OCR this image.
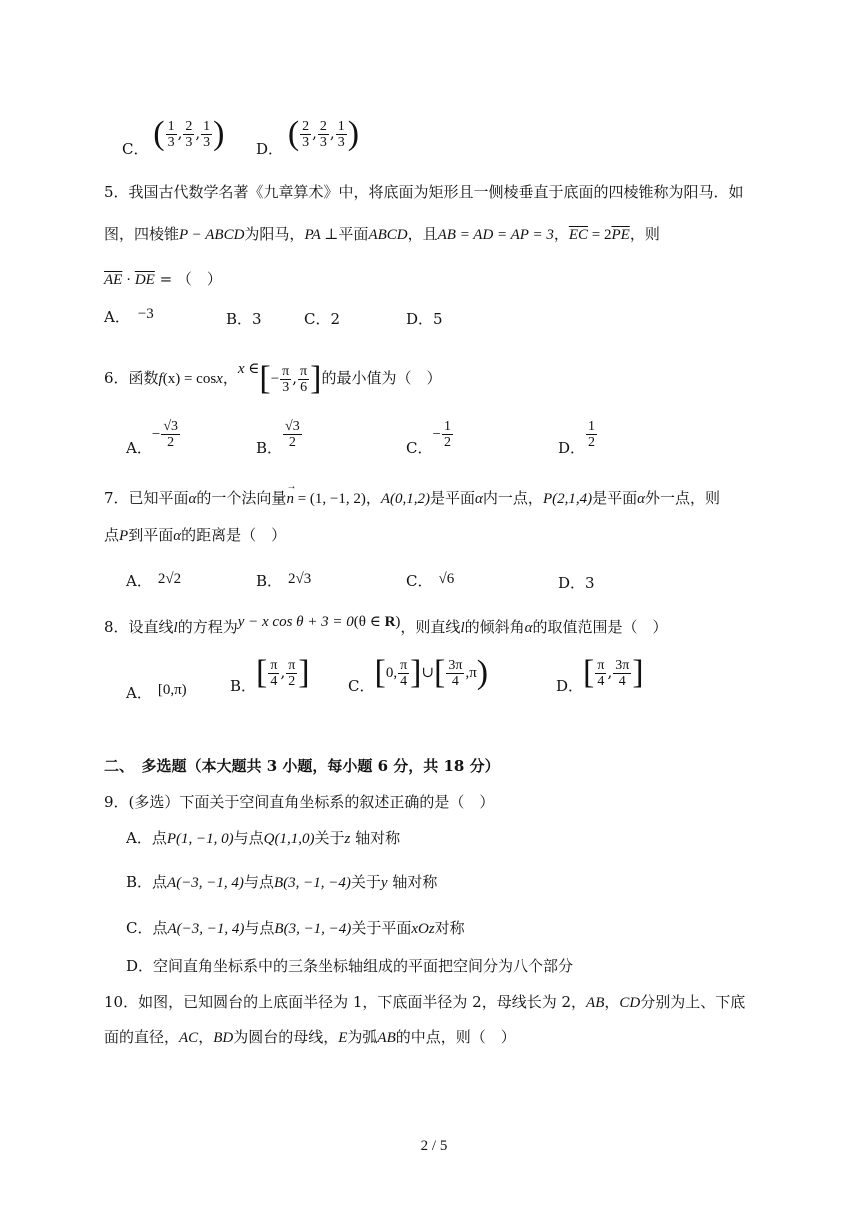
C． ( $\frac{1}{3}$ , $\frac{2}{3}$ , $\frac{1}{3}$ ) D． ( $\frac{2}{3}$ , $\frac{2}{3}$ , $\frac{1}{3}$ )
5．我国古代数学名著《九章算术》中，将底面为矩形且一侧棱垂直于底面的四棱锥称为阳马．如
图，四棱锥P − ABCD为阳马，PA ⊥平面ABCD，且AB = AD = AP = 3，$\overline{EC} = 2\overline{PE}$，则
$\overline{AE} \cdot \overline{DE}$ = （　）
A． −3	B．3	C．2	D．5
6．函数f(x) = cosx，x ∈[− $\frac{\pi}{3}$ , $\frac{\pi}{6}$ ]的最小值为（　）
A．− $\frac{√3}{2}$	B． $\frac{√3}{2}$	C．− $\frac{1}{2}$	D． $\frac{1}{2}$
7．已知平面α的一个法向量n
→
= (1, −1, 2)，A(0,1,2)是平面α内一点，P(2,1,4)是平面α外一点，则
点P到平面α的距离是（　）
A． 2√2	B． 2√3	C． √6	D．3
8．设直线l的方程为y − x cos θ + 3 = 0(θ ∈ R)，则直线l的倾斜角α的取值范围是（　）
A． [0,π)	B．[ $\frac{\pi}{4}$ , $\frac{\pi}{2}$ ]	C．[0, $\frac{\pi}{4}$ ]∪[ $\frac{3\pi}{4} ,\pi$)	D．[ $\frac{\pi}{4}$ , $\frac{3\pi}{4}$ ]
二、　多选题（本大题共 3 小题，每小题 6 分，共 18 分）
9．(多选）下面关于空间直角坐标系的叙述正确的是（　）
A．点P(1, −1, 0)与点Q(1,1,0)关于z 轴对称
B．点A(−3, −1, 4)与点B(3, −1, −4)关于y 轴对称
C．点A(−3, −1, 4)与点B(3, −1, −4)关于平面xOz对称
D．空间直角坐标系中的三条坐标轴组成的平面把空间分为八个部分
10．如图，已知圆台的上底面半径为 1，下底面半径为 2，母线长为 2，AB，CD分别为上、下底
面的直径，AC，BD为圆台的母线，E为弧AB的中点，则（　）
2 / 5
